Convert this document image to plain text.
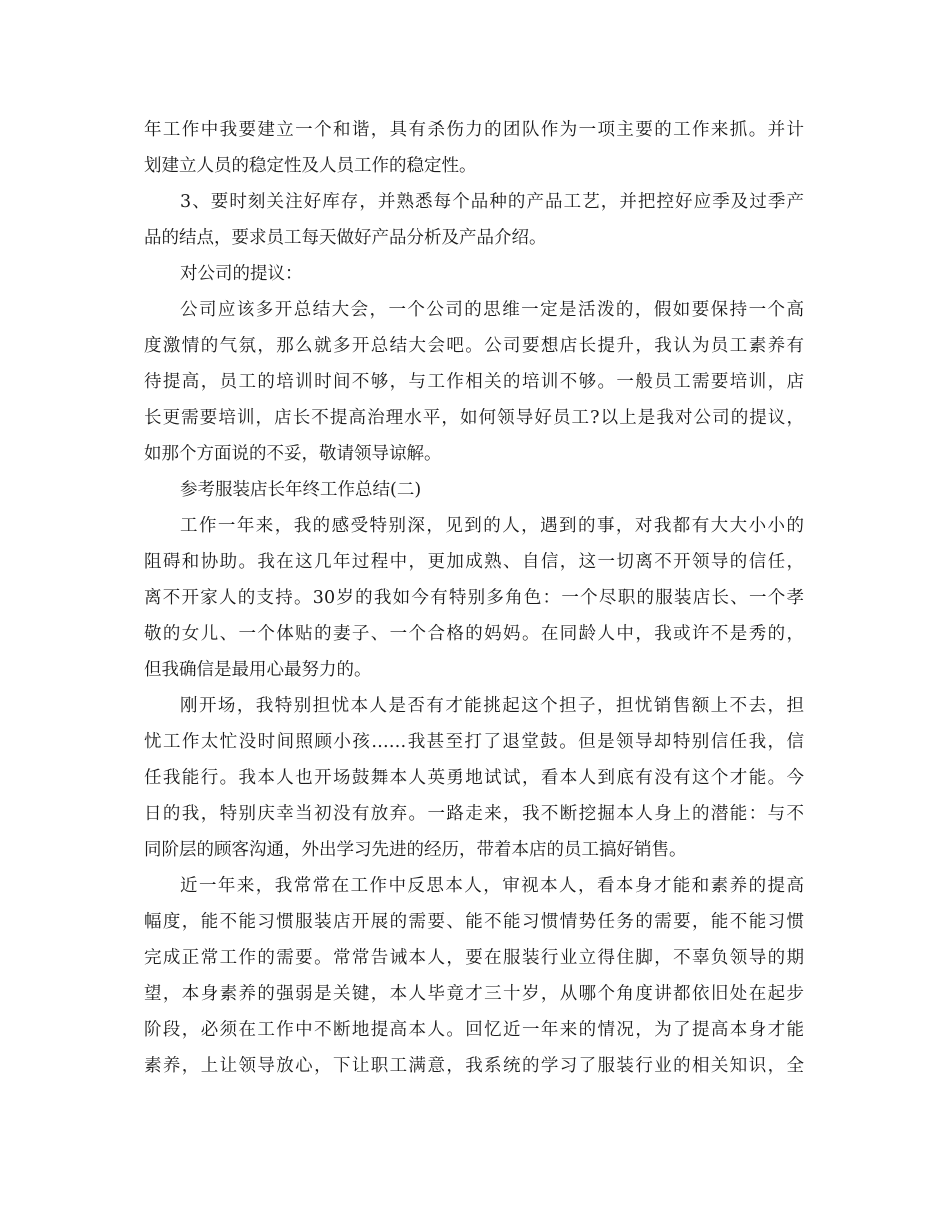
年工作中我要建立一个和谐，具有杀伤力的团队作为一项主要的工作来抓。并计
划建立人员的稳定性及人员工作的稳定性。
3、要时刻关注好库存，并熟悉每个品种的产品工艺，并把控好应季及过季产
品的结点，要求员工每天做好产品分析及产品介绍。
对公司的提议：
公司应该多开总结大会，一个公司的思维一定是活泼的，假如要保持一个高
度激情的气氛，那么就多开总结大会吧。公司要想店长提升，我认为员工素养有
待提高，员工的培训时间不够，与工作相关的培训不够。一般员工需要培训，店
长更需要培训，店长不提高治理水平，如何领导好员工?以上是我对公司的提议，
如那个方面说的不妥，敬请领导谅解。
参考服装店长年终工作总结(二)
工作一年来，我的感受特别深，见到的人，遇到的事，对我都有大大小小的
阻碍和协助。我在这几年过程中，更加成熟、自信，这一切离不开领导的信任，
离不开家人的支持。30岁的我如今有特别多角色：一个尽职的服装店长、一个孝
敬的女儿、一个体贴的妻子、一个合格的妈妈。在同龄人中，我或许不是秀的，
但我确信是最用心最努力的。
刚开场，我特别担忧本人是否有才能挑起这个担子，担忧销售额上不去，担
忧工作太忙没时间照顾小孩……我甚至打了退堂鼓。但是领导却特别信任我，信
任我能行。我本人也开场鼓舞本人英勇地试试，看本人到底有没有这个才能。今
日的我，特别庆幸当初没有放弃。一路走来，我不断挖掘本人身上的潜能：与不
同阶层的顾客沟通，外出学习先进的经历，带着本店的员工搞好销售。
近一年来，我常常在工作中反思本人，审视本人，看本身才能和素养的提高
幅度，能不能习惯服装店开展的需要、能不能习惯情势任务的需要，能不能习惯
完成正常工作的需要。常常告诫本人，要在服装行业立得住脚，不辜负领导的期
望，本身素养的强弱是关键，本人毕竟才三十岁，从哪个角度讲都依旧处在起步
阶段，必须在工作中不断地提高本人。回忆近一年来的情况，为了提高本身才能
素养，上让领导放心，下让职工满意，我系统的学习了服装行业的相关知识，全
